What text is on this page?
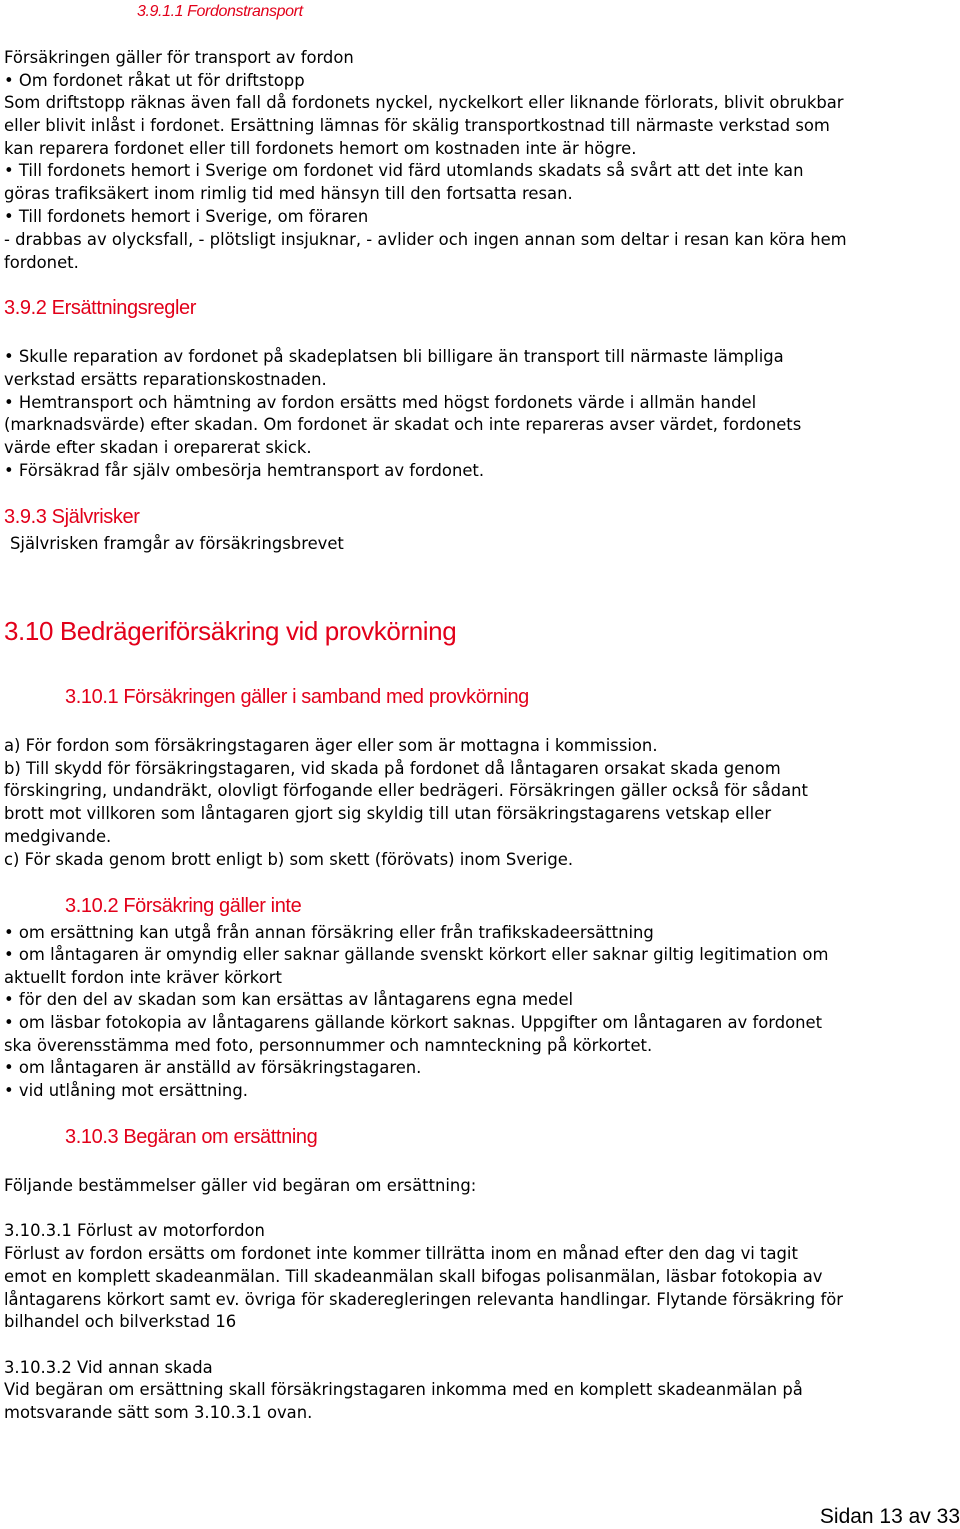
3.9.1.1 Fordonstransport
Försäkringen gäller för transport av fordon
• Om fordonet råkat ut för driftstopp
Som driftstopp räknas även fall då fordonets nyckel, nyckelkort eller liknande förlorats, blivit obrukbar
eller blivit inlåst i fordonet. Ersättning lämnas för skälig transportkostnad till närmaste verkstad som
kan reparera fordonet eller till fordonets hemort om kostnaden inte är högre.
• Till fordonets hemort i Sverige om fordonet vid färd utomlands skadats så svårt att det inte kan
göras trafiksäkert inom rimlig tid med hänsyn till den fortsatta resan.
• Till fordonets hemort i Sverige, om föraren
- drabbas av olycksfall, - plötsligt insjuknar, - avlider och ingen annan som deltar i resan kan köra hem
fordonet.
3.9.2 Ersättningsregler
• Skulle reparation av fordonet på skadeplatsen bli billigare än transport till närmaste lämpliga
verkstad ersätts reparationskostnaden.
• Hemtransport och hämtning av fordon ersätts med högst fordonets värde i allmän handel
(marknadsvärde) efter skadan. Om fordonet är skadat och inte repareras avser värdet, fordonets
värde efter skadan i oreparerat skick.
• Försäkrad får själv ombesörja hemtransport av fordonet.
3.9.3 Självrisker
Självrisken framgår av försäkringsbrevet
3.10 Bedrägeriförsäkring vid provkörning
3.10.1 Försäkringen gäller i samband med provkörning
a) För fordon som försäkringstagaren äger eller som är mottagna i kommission.
b) Till skydd för försäkringstagaren, vid skada på fordonet då låntagaren orsakat skada genom
förskingring, undandräkt, olovligt förfogande eller bedrägeri. Försäkringen gäller också för sådant
brott mot villkoren som låntagaren gjort sig skyldig till utan försäkringstagarens vetskap eller
medgivande.
c) För skada genom brott enligt b) som skett (förövats) inom Sverige.
3.10.2 Försäkring gäller inte
• om ersättning kan utgå från annan försäkring eller från trafikskadeersättning
• om låntagaren är omyndig eller saknar gällande svenskt körkort eller saknar giltig legitimation om
aktuellt fordon inte kräver körkort
• för den del av skadan som kan ersättas av låntagarens egna medel
• om läsbar fotokopia av låntagarens gällande körkort saknas. Uppgifter om låntagaren av fordonet
ska överensstämma med foto, personnummer och namnteckning på körkortet.
• om låntagaren är anställd av försäkringstagaren.
• vid utlåning mot ersättning.
3.10.3 Begäran om ersättning
Följande bestämmelser gäller vid begäran om ersättning:
3.10.3.1 Förlust av motorfordon
Förlust av fordon ersätts om fordonet inte kommer tillrätta inom en månad efter den dag vi tagit
emot en komplett skadeanmälan. Till skadeanmälan skall bifogas polisanmälan, läsbar fotokopia av
låntagarens körkort samt ev. övriga för skaderegleringen relevanta handlingar. Flytande försäkring för
bilhandel och bilverkstad 16
3.10.3.2 Vid annan skada
Vid begäran om ersättning skall försäkringstagaren inkomma med en komplett skadeanmälan på
motsvarande sätt som 3.10.3.1 ovan.
Sidan 13 av 33
